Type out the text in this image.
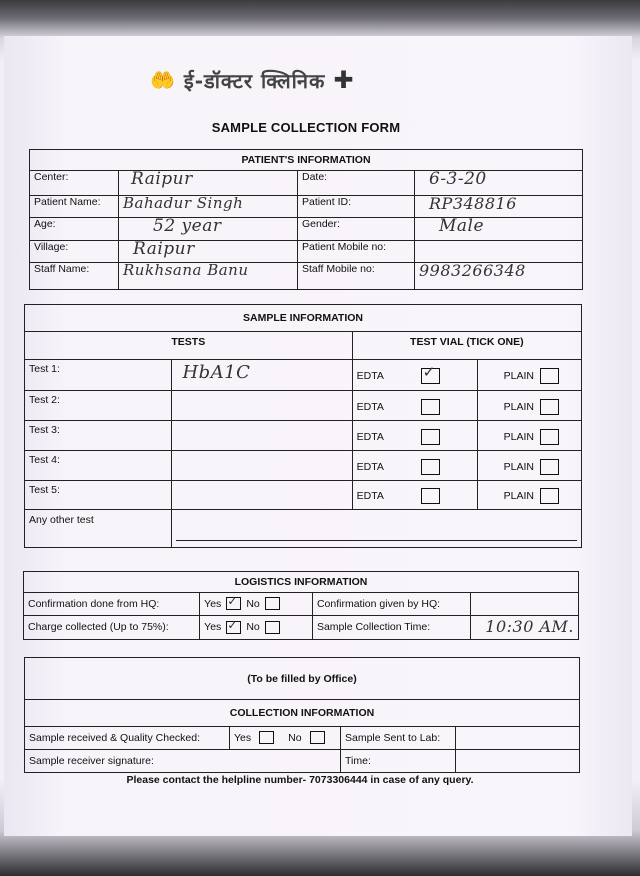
🤲 ई-डॉक्टर क्लिनिक ✚
SAMPLE COLLECTION FORM
PATIENT'S INFORMATION			
Center:	Raipur	Date:	6-3-20
Patient Name:	Bahadur Singh	Patient ID:	RP348816
Age:	52 year	Gender:	Male
Village:	Raipur	Patient Mobile no:	
Staff Name:	Rukhsana Banu	Staff Mobile no:	9983266348
SAMPLE INFORMATION				
TESTS		TEST VIAL (TICK ONE)		
Test 1:	HbA1C	EDTA ✓		PLAIN

Test 2:		EDTA		PLAIN

Test 3:		EDTA		PLAIN

Test 4:		EDTA		PLAIN

Test 5:		EDTA		PLAIN

Any other test				
LOGISTICS INFORMATION			
Confirmation done from HQ:	Yes ✓ No	Confirmation given by HQ:	
Charge collected (Up to 75%):	Yes ✓ No	Sample Collection Time:	10:30 AM.
(To be filled by Office)			
COLLECTION INFORMATION			
Sample received & Quality Checked:	Yes No	Sample Sent to Lab:	
Sample receiver signature:		Time:	
Please contact the helpline number- 7073306444 in case of any query.
